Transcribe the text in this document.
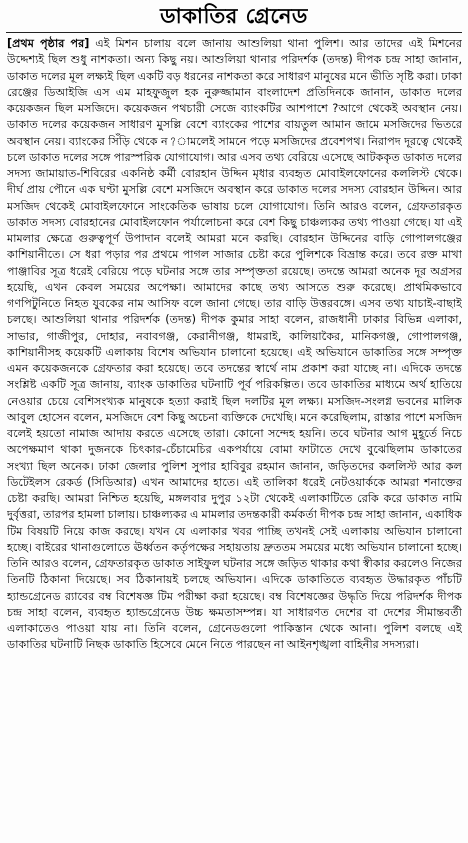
ডাকাতির গ্রেনেড
[প্রথম পৃষ্ঠার পর] এই মিশন চালায় বলে জানায় আশুলিয়া থানা পুলিশ। আর তাদের এই মিশনের উদ্দেশ্যই ছিল শুধু নাশকতা। অন্য কিছু নয়। আশুলিয়া থানার পরিদর্শক (তদন্ত) দীপক চন্দ্র সাহা জানান, ডাকাত দলের মূল লক্ষ্যই ছিল একটি বড় ধরনের নাশকতা করে সাধারণ মানুষের মনে ভীতি সৃষ্টি করা। ঢাকা রেঞ্জের ডিআইজি এস এম মাহফুজুল হক নুরুজ্জামান বাংলাদেশ প্রতিদিনকে জানান, ডাকাত দলের কয়েকজন ছিল মসজিদে। কয়েকজন পথচারী সেজে ব্যাংকটির আশপাশে ?আগে থেকেই অবস্থান নেয়। ডাকাত দলের কয়েকজন সাধারণ মুসল্লি বেশে ব্যাংকের পাশের বায়তুল আমান জামে মসজিদের ভিতরে অবস্থান নেয়। ব্যাংকের সিঁড়ি থেকে ন?ামলেই সামনে পড়ে মসজিদের প্রবেশপথ। নিরাপদ দূরত্বে থেকেই চলে ডাকাত দলের সঙ্গে পারস্পরিক যোগাযোগ। আর এসব তথ্য বেরিয়ে এসেছে আটককৃত ডাকাত দলের সদস্য জামায়াত-শিবিরের একনিষ্ঠ কর্মী বোরহান উদ্দিন মৃধার ব্যবহৃত মোবাইলফোনের কললিস্ট থেকে। দীর্ঘ প্রায় পৌনে এক ঘণ্টা মুসল্লি বেশে মসজিদে অবস্থান করে ডাকাত দলের সদস্য বোরহান উদ্দিন। আর মসজিদ থেকেই মোবাইলফোনে সাংকেতিক ভাষায় চলে যোগাযোগ। তিনি আরও বলেন, গ্রেফতারকৃত ডাকাত সদস্য বোরহানের মোবাইলফোন পর্যালোচনা করে বেশ কিছু চাঞ্চল্যকর তথ্য পাওয়া গেছে। যা এই মামলার ক্ষেত্রে গুরুত্বপূর্ণ উপাদান বলেই আমরা মনে করছি। বোরহান উদ্দিনের বাড়ি গোপালগঞ্জের কাশিয়ানীতে। সে ধরা পড়ার পর প্রথমে পাগল সাজার চেষ্টা করে পুলিশকে বিভ্রান্ত করে। তবে রক্ত মাখা পাঞ্জাবির সূত্র ধরেই বেরিয়ে পড়ে ঘটনার সঙ্গে তার সম্পৃক্ততা রয়েছে। তদন্তে আমরা অনেক দূর অগ্রসর হয়েছি, এখন কেবল সময়ের অপেক্ষা। আমাদের কাছে তথ্য আসতে শুরু করেছে। প্রাথমিকভাবে গণপিটুনিতে নিহত যুবকের নাম আসিফ বলে জানা গেছে। তার বাড়ি উত্তরবঙ্গে। এসব তথ্য যাচাই-বাছাই চলছে। আশুলিয়া থানার পরিদর্শক (তদন্ত) দীপক কুমার সাহা বলেন, রাজধানী ঢাকার বিভিন্ন এলাকা, সাভার, গাজীপুর, দোহার, নবাবগঞ্জ, কেরানীগঞ্জ, ধামরাই, কালিয়াকৈর, মানিকগঞ্জ, গোপালগঞ্জ, কাশিয়ানীসহ কয়েকটি এলাকায় বিশেষ অভিযান চালানো হয়েছে। এই অভিযানে ডাকাতির সঙ্গে সম্পৃক্ত এমন কয়েকজনকে গ্রেফতার করা হয়েছে। তবে তদন্তের স্বার্থে নাম প্রকাশ করা যাচ্ছে না। এদিকে তদন্তে সংশ্লিষ্ট একটি সূত্র জানায়, ব্যাংক ডাকাতির ঘটনাটি পূর্ব পরিকল্পিত। তবে ডাকাতির মাধ্যমে অর্থ হাতিয়ে নেওয়ার চেয়ে বেশিসংখ্যক মানুষকে হত্যা করাই ছিল দলটির মূল লক্ষ্য। মসজিদ-সংলগ্ন ভবনের মালিক আবুল হোসেন বলেন, মসজিদে বেশ কিছু অচেনা ব্যক্তিকে দেখেছি। মনে করেছিলাম, রাস্তার পাশে মসজিদ বলেই হয়তো নামাজ আদায় করতে এসেছে তারা। কোনো সন্দেহ হয়নি। তবে ঘটনার আগ মুহূর্তে নিচে অপেক্ষমাণ থাকা দুজনকে চিৎকার-চেঁচামেচির একপর্যায়ে বোমা ফাটাতে দেখে বুঝেছিলাম ডাকাতের সংখ্যা ছিল অনেক। ঢাকা জেলার পুলিশ সুপার হাবিবুর রহমান জানান, জড়িতদের কললিস্ট আর কল ডিটেইলস রেকর্ড (সিডিআর) এখন আমাদের হাতে। এই তালিকা ধরেই নেটওয়ার্ককে আমরা শনাক্তের চেষ্টা করছি। আমরা নিশ্চিত হয়েছি, মঙ্গলবার দুপুর ১২টা থেকেই এলাকাটিতে রেকি করে ডাকাত নামি দুর্বৃত্তরা, তারপর হামলা চালায়। চাঞ্চল্যকর এ মামলার তদন্তকারী কর্মকর্তা দীপক চন্দ্র সাহা জানান, একাধিক টিম বিষয়টি নিয়ে কাজ করছে। যখন যে এলাকার খবর পাচ্ছি তখনই সেই এলাকায় অভিযান চালানো হচ্ছে। বাইরের থানাগুলোতে ঊর্ধ্বতন কর্তৃপক্ষের সহায়তায় দ্রুততম সময়ের মধ্যে অভিযান চালানো হচ্ছে। তিনি আরও বলেন, গ্রেফতারকৃত ডাকাত সাইফুল ঘটনার সঙ্গে জড়িত থাকার কথা স্বীকার করলেও নিজের তিনটি ঠিকানা দিয়েছে। সব ঠিকানায়ই চলছে অভিযান। এদিকে ডাকাতিতে ব্যবহৃত উদ্ধারকৃত পাঁচটি হ্যান্ডগ্রেনেড র‌্যাবের বম্ব বিশেষজ্ঞ টিম পরীক্ষা করা হয়েছে। বম্ব বিশেষজ্ঞের উদ্ধৃতি দিয়ে পরিদর্শক দীপক চন্দ্র সাহা বলেন, ব্যবহৃত হ্যান্ডগ্রেনেড উচ্চ ক্ষমতাসম্পন্ন। যা সাধারণত দেশের বা দেশের সীমান্তবর্তী এলাকাতেও পাওয়া যায় না। তিনি বলেন, গ্রেনেডগুলো পাকিস্তান থেকে আনা। পুলিশ বলছে এই ডাকাতির ঘটনাটি নিছক ডাকাতি হিসেবে মেনে নিতে পারছেন না আইনশৃঙ্খলা বাহিনীর সদস্যরা।
